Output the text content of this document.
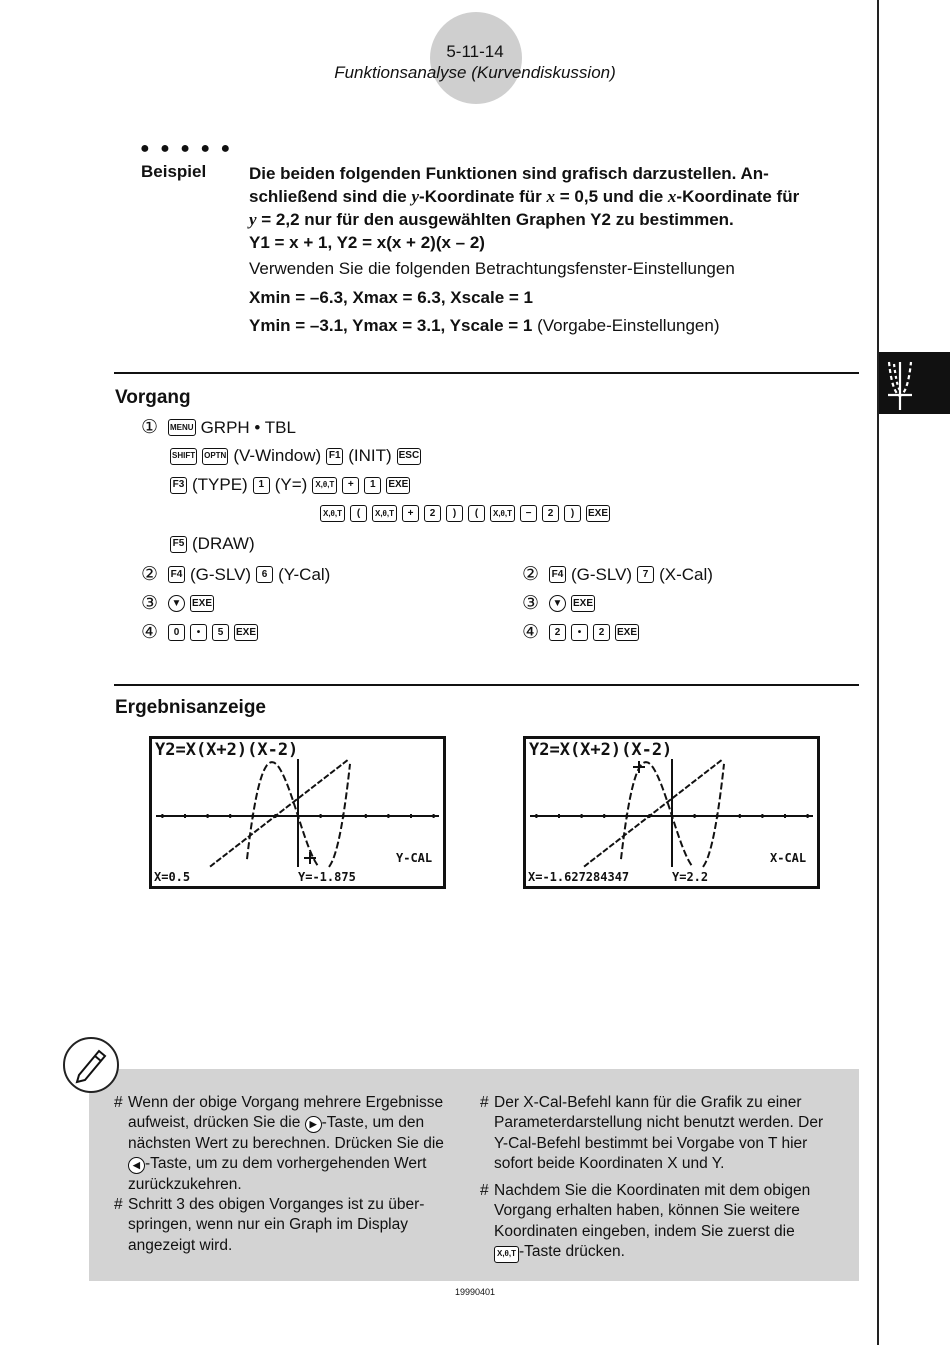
5-11-14
Funktionsanalyse (Kurvendiskussion)
● ● ● ● ●
Beispiel	Die beiden folgenden Funktionen sind grafisch darzustellen. An-
schließend sind die y-Koordinate für x = 0,5 und die x-Koordinate für
y = 2,2 nur für den ausgewählten Graphen Y2 zu bestimmen.
Y1 = x + 1, Y2 = x(x + 2)(x – 2)
Verwenden Sie die folgenden Betrachtungsfenster-Einstellungen
Xmin = –6.3, Xmax = 6.3, Xscale = 1
Ymin = –3.1, Ymax = 3.1, Yscale = 1 (Vorgabe-Einstellungen)
Vorgang
①	MENU GRPH • TBL
SHIFT OPTN (V-Window) F1 (INIT) ESC
F3 (TYPE)	1 (Y=)	X,θ,T	+	1	EXE
X,θ,T	(	X,θ,T	+	2	)	(	X,θ,T	−	2	)	EXE
F5 (DRAW)
②	F4 (G-SLV)	6 (Y-Cal)
③	▼	EXE
④	0	•	5	EXE
②	F4 (G-SLV)	7 (X-Cal)
③	▼	EXE
④	2	•	2	EXE
Ergebnisanzeige
Y2=X(X+2)(X-2)
Y-CAL
X=0.5	Y=-1.875
Y2=X(X+2)(X-2)
X-CAL
X=-1.627284347	Y=2.2
# Wenn der obige Vorgang mehrere Ergebnisse
aufweist, drücken Sie die ▶ -Taste, um den
nächsten Wert zu berechnen. Drücken Sie die
◀ -Taste, um zu dem vorhergehenden Wert
zurückzukehren.
# Schritt 3 des obigen Vorganges ist zu über-
springen, wenn nur ein Graph im Display
angezeigt wird.
# Der X-Cal-Befehl kann für die Grafik zu einer
Parameterdarstellung nicht benutzt werden. Der
Y-Cal-Befehl bestimmt bei Vorgabe von T hier
sofort beide Koordinaten X und Y.
# Nachdem Sie die Koordinaten mit dem obigen
Vorgang erhalten haben, können Sie weitere
Koordinaten eingeben, indem Sie zuerst die
X,θ,T -Taste drücken.
19990401
